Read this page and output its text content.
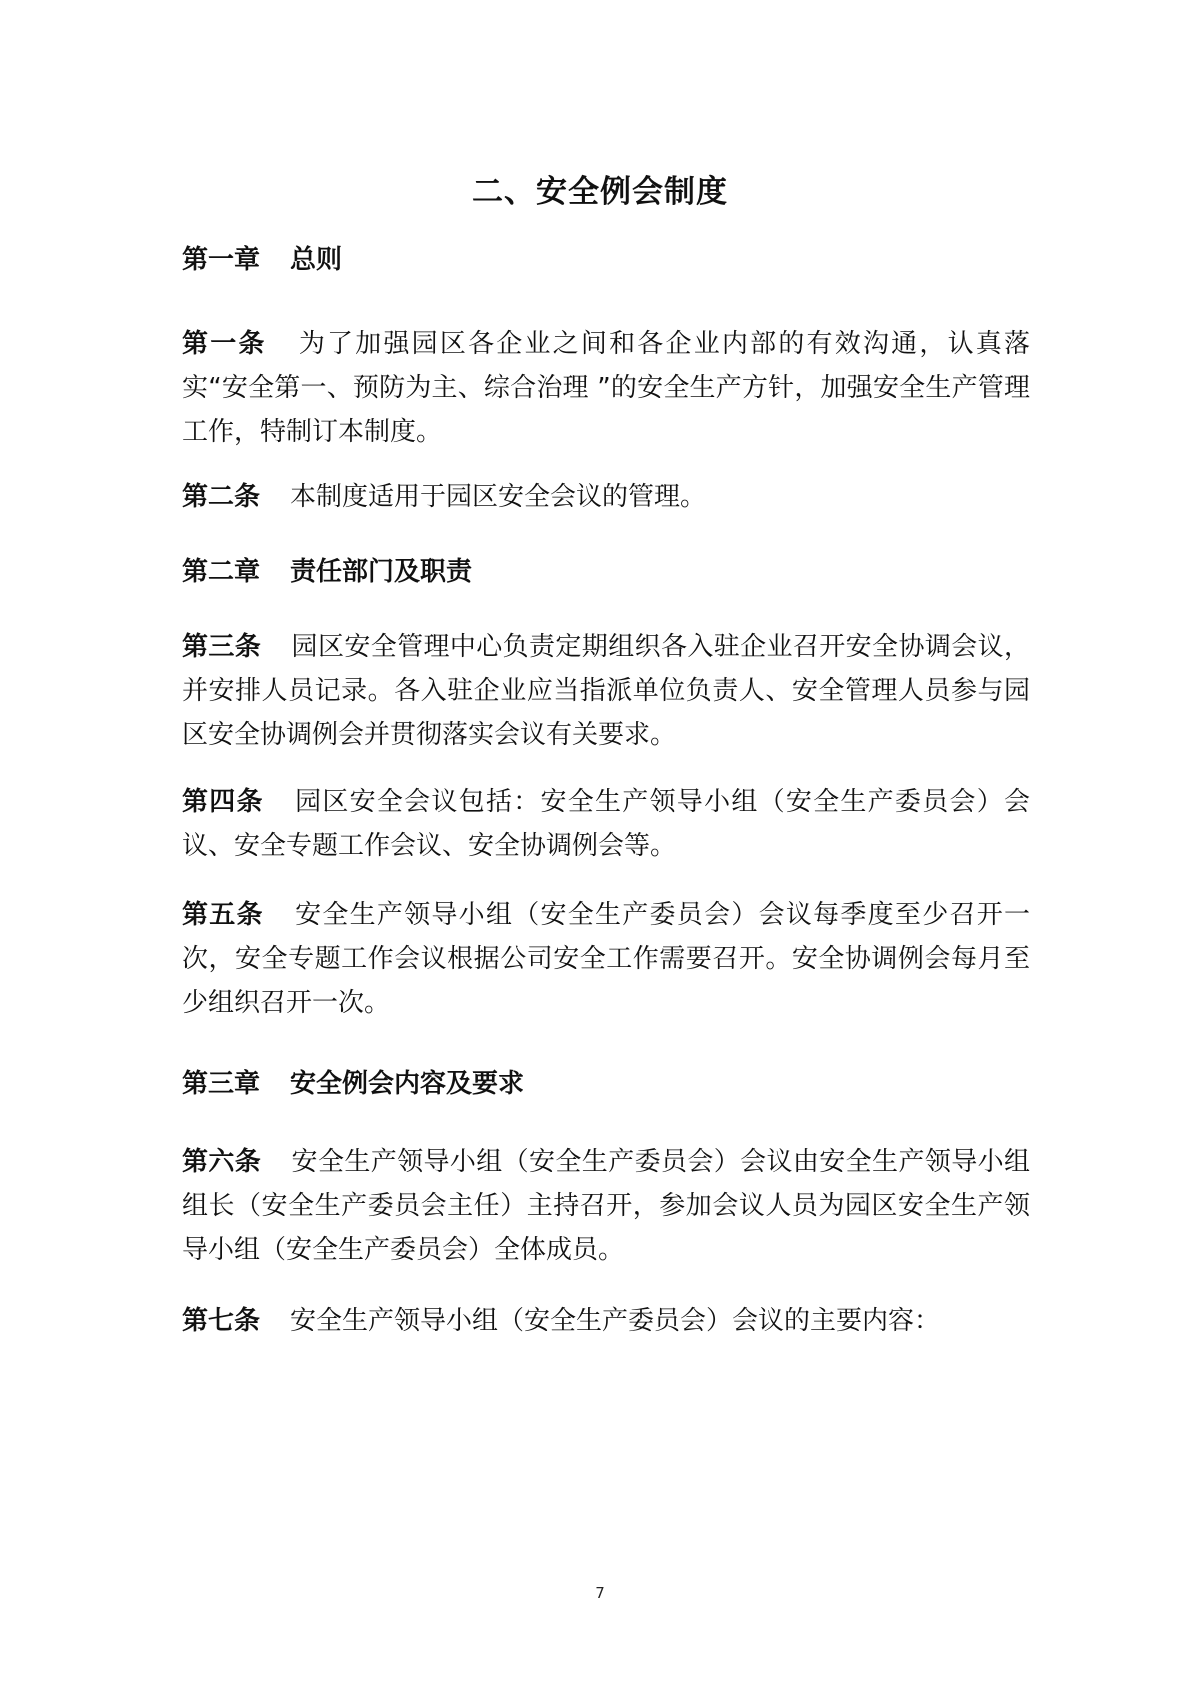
二、安全例会制度
第一章 总则
第一条 为了加强园区各企业之间和各企业内部的有效沟通，认真落实“安全第一、预防为主、综合治理 ”的安全生产方针，加强安全生产管理工作，特制订本制度。
第二条 本制度适用于园区安全会议的管理。
第二章 责任部门及职责
第三条 园区安全管理中心负责定期组织各入驻企业召开安全协调会议，并安排人员记录。各入驻企业应当指派单位负责人、安全管理人员参与园区安全协调例会并贯彻落实会议有关要求。
第四条 园区安全会议包括：安全生产领导小组（安全生产委员会）会议、安全专题工作会议、安全协调例会等。
第五条 安全生产领导小组（安全生产委员会）会议每季度至少召开一次，安全专题工作会议根据公司安全工作需要召开。安全协调例会每月至少组织召开一次。
第三章 安全例会内容及要求
第六条 安全生产领导小组（安全生产委员会）会议由安全生产领导小组组长（安全生产委员会主任）主持召开，参加会议人员为园区安全生产领导小组（安全生产委员会）全体成员。
第七条 安全生产领导小组（安全生产委员会）会议的主要内容：
7
